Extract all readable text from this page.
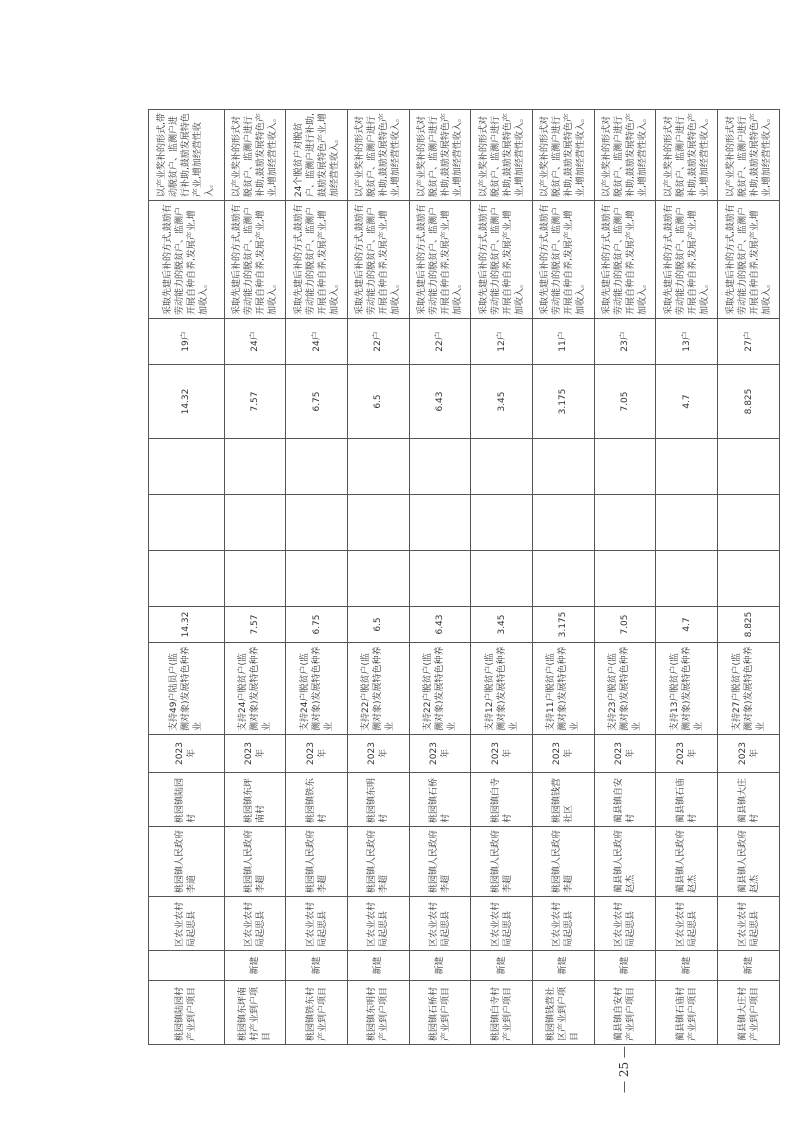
桃园镇陆园村产业到户项目		区农业农村局起思县	桃园镇人民政府李道	桃园镇陆园村	2023年	支持49户陆员户(监测对象)发展特色种养业	14.32				14.32	19户	采取先建后补的方式,鼓励有劳动能力的脱贫户、监测户开展自种自养,发展产业,增加收入。	以产业奖补的形式,带动脱贫户、监测户进行补助,鼓励发展特色产业,增加经营性收入。
桃园镇东坪南村产业到户项目	新建	区农业农村局起思县	桃园镇人民政府李超	桃园镇东坪南村	2023年	支持24户脱贫户(监测对象)发展特色种养业	7.57				7.57	24户	采取先建后补的方式,鼓励有劳动能力的脱贫户、监测户开展自种自养,发展产业,增加收入。	以产业奖补的形式对脱贫户、监测户进行补助,鼓励发展特色产业,增加经营性收入。
桃园镇铁东村产业到户项目	新建	区农业农村局起思县	桃园镇人民政府李超	桃园镇铁东村	2023年	支持24户脱贫户(监测对象)发展特色种养业	6.75				6.75	24户	采取先建后补的方式,鼓励有劳动能力的脱贫户、监测户开展自种自养,发展产业,增加收入。	24个脱贫户对脱贫户、监测户进行补助,鼓励发展特色产业,增加经营性收入。
桃园镇东明村产业到户项目	新建	区农业农村局起思县	桃园镇人民政府李超	桃园镇东明村	2023年	支持22户脱贫户(监测对象)发展特色种养业	6.5				6.5	22户	采取先建后补的方式,鼓励有劳动能力的脱贫户、监测户开展自种自养,发展产业,增加收入。	以产业奖补的形式对脱贫户、监测户进行补助,鼓励发展特色产业,增加经营性收入。
桃园镇石桥村产业到户项目	新建	区农业农村局起思县	桃园镇人民政府李超	桃园镇石桥村	2023年	支持22户脱贫户(监测对象)发展特色种养业	6.43				6.43	22户	采取先建后补的方式,鼓励有劳动能力的脱贫户、监测户开展自种自养,发展产业,增加收入。	以产业奖补的形式对脱贫户、监测户进行补助,鼓励发展特色产业,增加经营性收入。
桃园镇白寺村产业到户项目	新建	区农业农村局起思县	桃园镇人民政府李超	桃园镇白寺村	2023年	支持12户脱贫户(监测对象)发展特色种养业	3.45				3.45	12户	采取先建后补的方式,鼓励有劳动能力的脱贫户、监测户开展自种自养,发展产业,增加收入。	以产业奖补的形式对脱贫户、监测户进行补助,鼓励发展特色产业,增加经营性收入。
桃园镇钱营社区产业到户项目	新建	区农业农村局起思县	桃园镇人民政府李超	桃园镇钱营社区	2023年	支持11户脱贫户(监测对象)发展特色种养业	3.175				3.175	11户	采取先建后补的方式,鼓励有劳动能力的脱贫户、监测户开展自种自养,发展产业,增加收入。	以产业奖补的形式对脱贫户、监测户进行补助,鼓励发展特色产业,增加经营性收入。
蔺县镇自安村产业到户项目	新建	区农业农村局起思县	蔺县镇人民政府赵杰	蔺县镇自安村	2023年	支持23户脱贫户(监测对象)发展特色种养业	7.05				7.05	23户	采取先建后补的方式,鼓励有劳动能力的脱贫户、监测户开展自种自养,发展产业,增加收入。	以产业奖补的形式对脱贫户、监测户进行补助,鼓励发展特色产业,增加经营性收入。
蔺县镇石庙村产业到户项目	新建	区农业农村局起思县	蔺县镇人民政府赵杰	蔺县镇石庙村	2023年	支持13户脱贫户(监测对象)发展特色种养业	4.7				4.7	13户	采取先建后补的方式,鼓励有劳动能力的脱贫户、监测户开展自种自养,发展产业,增加收入。	以产业奖补的形式对脱贫户、监测户进行补助,鼓励发展特色产业,增加经营性收入。
蔺县镇大庄村产业到户项目	新建	区农业农村局起思县	蔺县镇人民政府赵杰	蔺县镇大庄村	2023年	支持27户脱贫户(监测对象)发展特色种养业	8.825				8.825	27户	采取先建后补的方式,鼓励有劳动能力的脱贫户、监测户开展自种自养,发展产业,增加收入。	以产业奖补的形式对脱贫户、监测户进行补助,鼓励发展特色产业,增加经营性收入。
— 25 —
